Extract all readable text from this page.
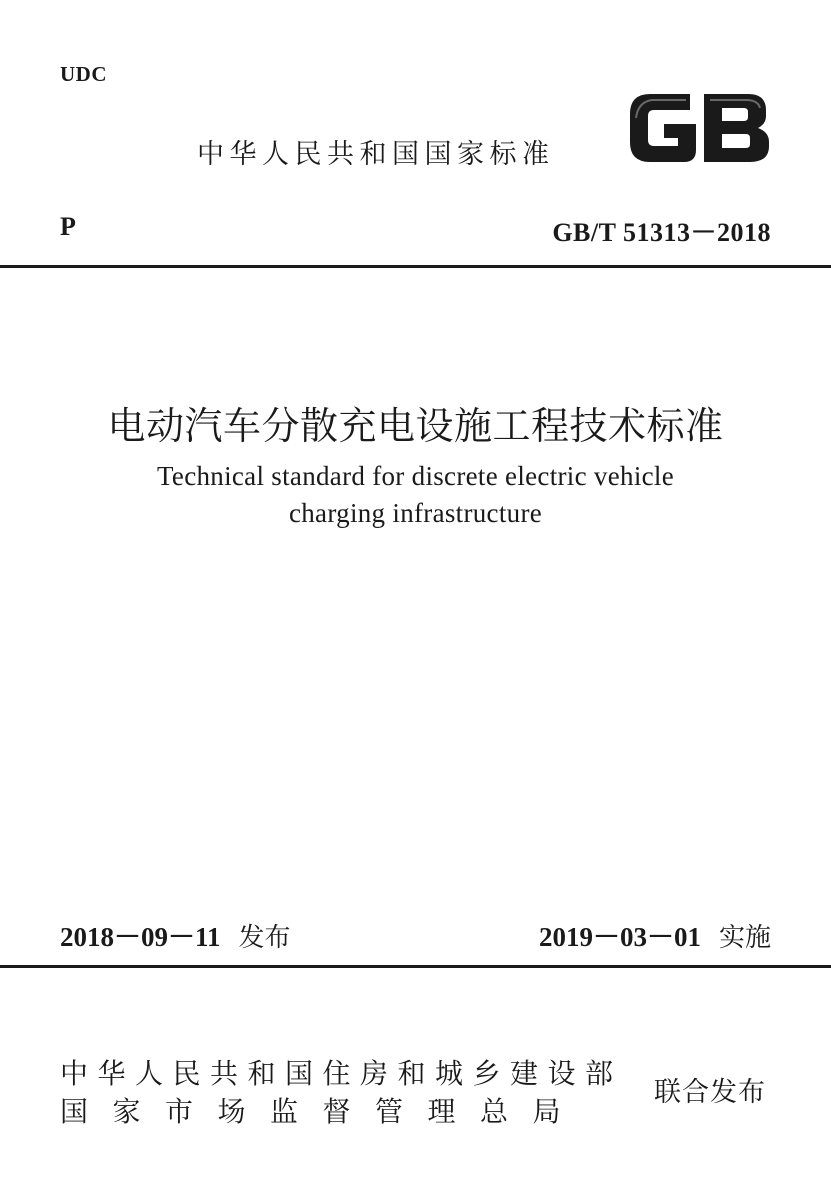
UDC
中华人民共和国国家标准
P	GB/T 51313－2018
电动汽车分散充电设施工程技术标准
Technical standard for discrete electric vehicle
charging infrastructure
2018－09－11 发布	2019－03－01 实施
中华人民共和国住房和城乡建设部
国家市场监督管理总局
联合发布
